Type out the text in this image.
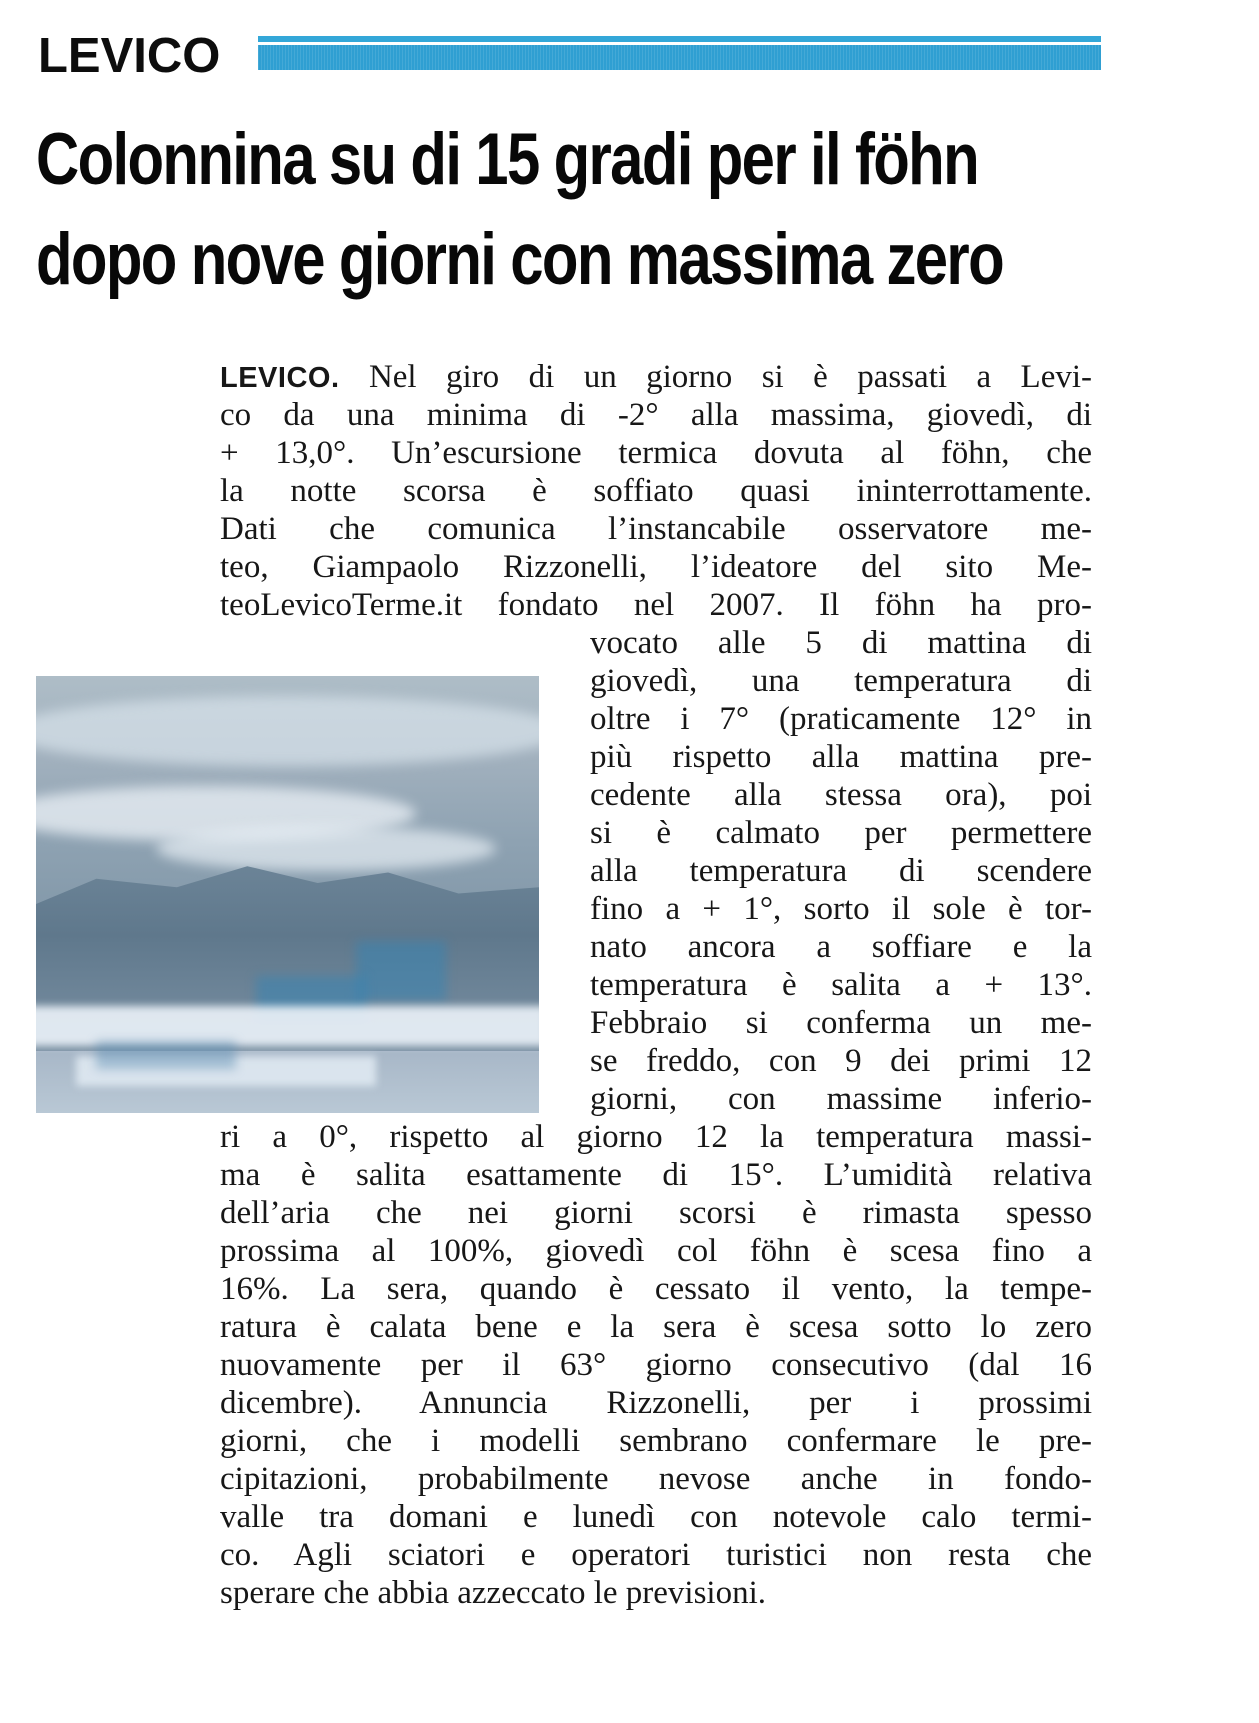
LEVICO
Colonnina su di 15 gradi per il föhn
dopo nove giorni con massima zero
LEVICO. Nel giro di un giorno si è passati a Levi-
co da una minima di -2° alla massima, giovedì, di
+ 13,0°. Un’escursione termica dovuta al föhn, che
la notte scorsa è soffiato quasi ininterrottamente.
Dati che comunica l’instancabile osservatore me-
teo, Giampaolo Rizzonelli, l’ideatore del sito Me-
teoLevicoTerme.it fondato nel 2007. Il föhn ha pro-
vocato alle 5 di mattina di
giovedì, una temperatura di
oltre i 7° (praticamente 12° in
più rispetto alla mattina pre-
cedente alla stessa ora), poi
si è calmato per permettere
alla temperatura di scendere
fino a + 1°, sorto il sole è tor-
nato ancora a soffiare e la
temperatura è salita a + 13°.
Febbraio si conferma un me-
se freddo, con 9 dei primi 12
giorni, con massime inferio-
ri a 0°, rispetto al giorno 12 la temperatura massi-
ma è salita esattamente di 15°. L’umidità relativa
dell’aria che nei giorni scorsi è rimasta spesso
prossima al 100%, giovedì col föhn è scesa fino a
16%. La sera, quando è cessato il vento, la tempe-
ratura è calata bene e la sera è scesa sotto lo zero
nuovamente per il 63° giorno consecutivo (dal 16
dicembre). Annuncia Rizzonelli, per i prossimi
giorni, che i modelli sembrano confermare le pre-
cipitazioni, probabilmente nevose anche in fondo-
valle tra domani e lunedì con notevole calo termi-
co. Agli sciatori e operatori turistici non resta che
sperare che abbia azzeccato le previsioni.
